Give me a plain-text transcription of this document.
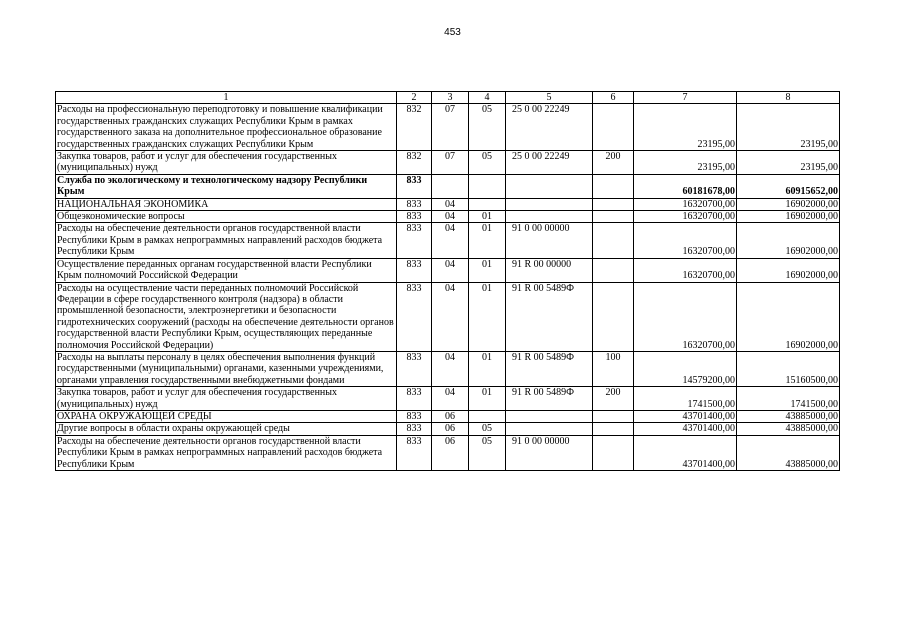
453
1	2	3	4	5	6	7	8
Расходы на профессиональную переподготовку и повышение квалификации государственных гражданских служащих Республики Крым в рамках государственного заказа на дополнительное профессиональное образование государственных гражданских служащих Республики Крым	832	07	05	25 0 00 22249		23195,00	23195,00
Закупка товаров, работ и услуг для обеспечения государственных (муниципальных) нужд	832	07	05	25 0 00 22249	200	23195,00	23195,00
Служба по экологическому и технологическому надзору Республики Крым	833					60181678,00	60915652,00
НАЦИОНАЛЬНАЯ ЭКОНОМИКА	833	04				16320700,00	16902000,00
Общеэкономические вопросы	833	04	01			16320700,00	16902000,00
Расходы на обеспечение деятельности органов государственной власти Республики Крым в рамках непрограммных направлений расходов бюджета Республики Крым	833	04	01	91 0 00 00000		16320700,00	16902000,00
Осуществление переданных органам государственной власти Республики Крым полномочий Российской Федерации	833	04	01	91 R 00 00000		16320700,00	16902000,00
Расходы на осуществление части переданных полномочий Российской Федерации в сфере государственного контроля (надзора) в области промышленной безопасности, электроэнергетики и безопасности гидротехнических сооружений (расходы на обеспечение деятельности органов государственной власти Республики Крым, осуществляющих переданные полномочия Российской Федерации)	833	04	01	91 R 00 5489Ф		16320700,00	16902000,00
Расходы на выплаты персоналу в целях обеспечения выполнения функций государственными (муниципальными) органами, казенными учреждениями, органами управления государственными внебюджетными фондами	833	04	01	91 R 00 5489Ф	100	14579200,00	15160500,00
Закупка товаров, работ и услуг для обеспечения государственных (муниципальных) нужд	833	04	01	91 R 00 5489Ф	200	1741500,00	1741500,00
ОХРАНА ОКРУЖАЮЩЕЙ СРЕДЫ	833	06				43701400,00	43885000,00
Другие вопросы в области охраны окружающей среды	833	06	05			43701400,00	43885000,00
Расходы на обеспечение деятельности органов государственной власти Республики Крым в рамках непрограммных направлений расходов бюджета Республики Крым	833	06	05	91 0 00 00000		43701400,00	43885000,00
